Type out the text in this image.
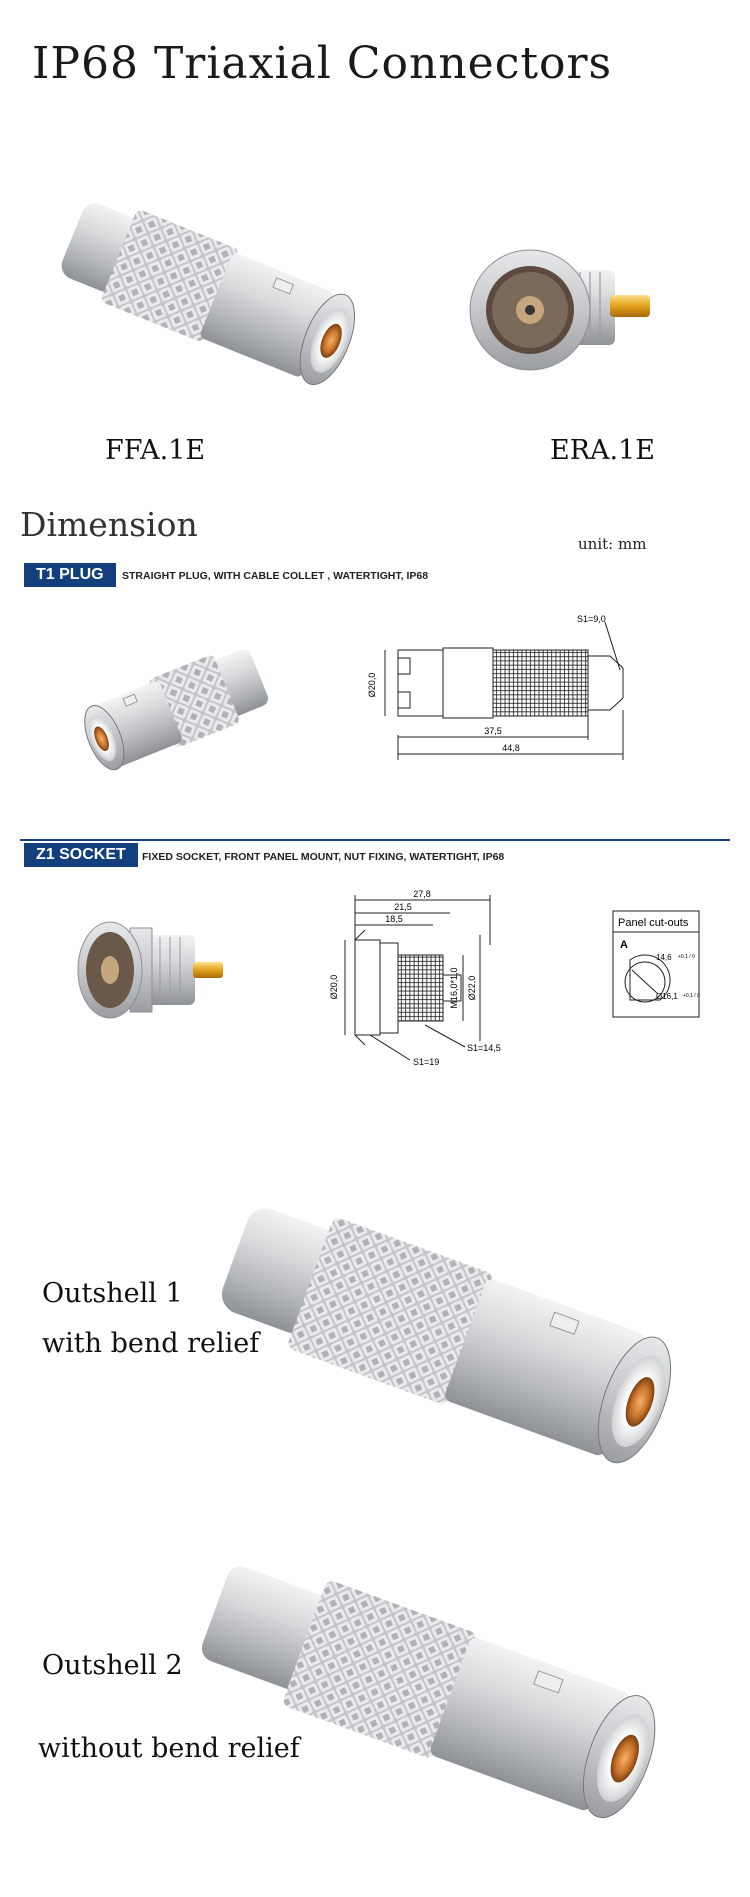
IP68 Triaxial Connectors
FFA.1E	ERA.1E
Dimension	unit: mm
T1 PLUG	STRAIGHT PLUG, WITH CABLE COLLET , WATERTIGHT, IP68
Ø20,0
37,5
44,8
S1=9,0
Z1 SOCKET	FIXED SOCKET, FRONT PANEL MOUNT, NUT FIXING, WATERTIGHT, IP68
27,8
21,5
18,5
Ø20,0	M16,0*1,0 Ø22,0
S1=14,5
S1=19
Panel cut-outs
A
14,6 +0,1 / 0
Ø16,1 +0,1 / 0
Outshell 1
with bend relief
Outshell 2
without bend relief
